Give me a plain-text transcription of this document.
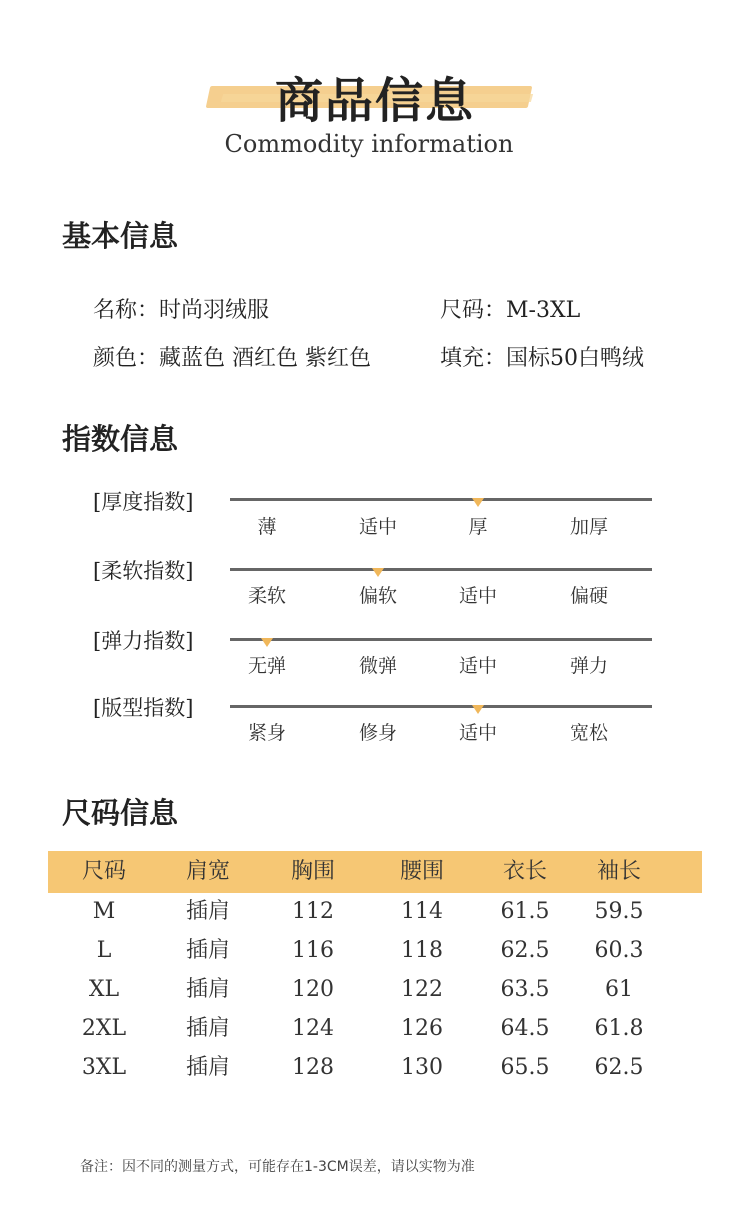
商品信息
Commodity information
基本信息
名称：时尚羽绒服	尺码：M-3XL
颜色：藏蓝色 酒红色 紫红色	填充：国标50白鸭绒
指数信息
[厚度指数]
薄	适中	厚	加厚
[柔软指数]
柔软	偏软	适中	偏硬
[弹力指数]
无弹	微弹	适中	弹力
[版型指数]
紧身	修身	适中	宽松
尺码信息
尺码	肩宽	胸围	腰围	衣长	袖长
M	插肩	112	114	61.5	59.5
L	插肩	116	118	62.5	60.3
XL	插肩	120	122	63.5	61
2XL	插肩	124	126	64.5	61.8
3XL	插肩	128	130	65.5	62.5
备注：因不同的测量方式，可能存在1-3CM误差，请以实物为准
